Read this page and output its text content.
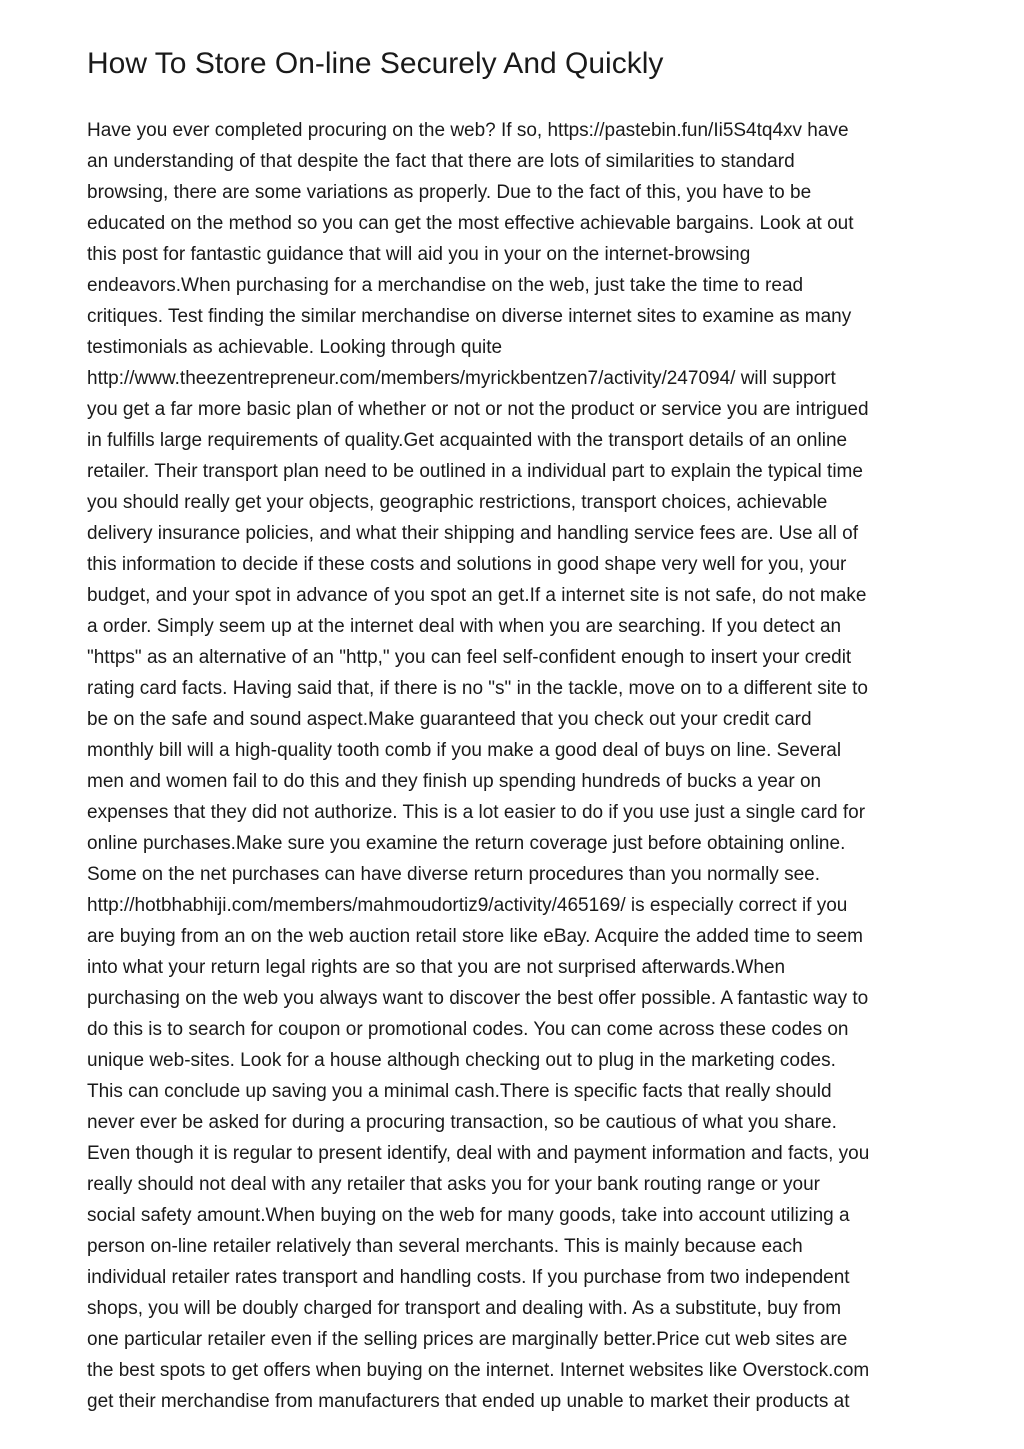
How To Store On-line Securely And Quickly
Have you ever completed procuring on the web? If so, https://pastebin.fun/Ii5S4tq4xv have
an understanding of that despite the fact that there are lots of similarities to standard
browsing, there are some variations as properly. Due to the fact of this, you have to be
educated on the method so you can get the most effective achievable bargains. Look at out
this post for fantastic guidance that will aid you in your on the internet-browsing
endeavors.When purchasing for a merchandise on the web, just take the time to read
critiques. Test finding the similar merchandise on diverse internet sites to examine as many
testimonials as achievable. Looking through quite
http://www.theezentrepreneur.com/members/myrickbentzen7/activity/247094/ will support
you get a far more basic plan of whether or not or not the product or service you are intrigued
in fulfills large requirements of quality.Get acquainted with the transport details of an online
retailer. Their transport plan need to be outlined in a individual part to explain the typical time
you should really get your objects, geographic restrictions, transport choices, achievable
delivery insurance policies, and what their shipping and handling service fees are. Use all of
this information to decide if these costs and solutions in good shape very well for you, your
budget, and your spot in advance of you spot an get.If a internet site is not safe, do not make
a order. Simply seem up at the internet deal with when you are searching. If you detect an
"https" as an alternative of an "http," you can feel self-confident enough to insert your credit
rating card facts. Having said that, if there is no "s" in the tackle, move on to a different site to
be on the safe and sound aspect.Make guaranteed that you check out your credit card
monthly bill will a high-quality tooth comb if you make a good deal of buys on line. Several
men and women fail to do this and they finish up spending hundreds of bucks a year on
expenses that they did not authorize. This is a lot easier to do if you use just a single card for
online purchases.Make sure you examine the return coverage just before obtaining online.
Some on the net purchases can have diverse return procedures than you normally see.
http://hotbhabhiji.com/members/mahmoudortiz9/activity/465169/ is especially correct if you
are buying from an on the web auction retail store like eBay. Acquire the added time to seem
into what your return legal rights are so that you are not surprised afterwards.When
purchasing on the web you always want to discover the best offer possible. A fantastic way to
do this is to search for coupon or promotional codes. You can come across these codes on
unique web-sites. Look for a house although checking out to plug in the marketing codes.
This can conclude up saving you a minimal cash.There is specific facts that really should
never ever be asked for during a procuring transaction, so be cautious of what you share.
Even though it is regular to present identify, deal with and payment information and facts, you
really should not deal with any retailer that asks you for your bank routing range or your
social safety amount.When buying on the web for many goods, take into account utilizing a
person on-line retailer relatively than several merchants. This is mainly because each
individual retailer rates transport and handling costs. If you purchase from two independent
shops, you will be doubly charged for transport and dealing with. As a substitute, buy from
one particular retailer even if the selling prices are marginally better.Price cut web sites are
the best spots to get offers when buying on the internet. Internet websites like Overstock.com
get their merchandise from manufacturers that ended up unable to market their products at
